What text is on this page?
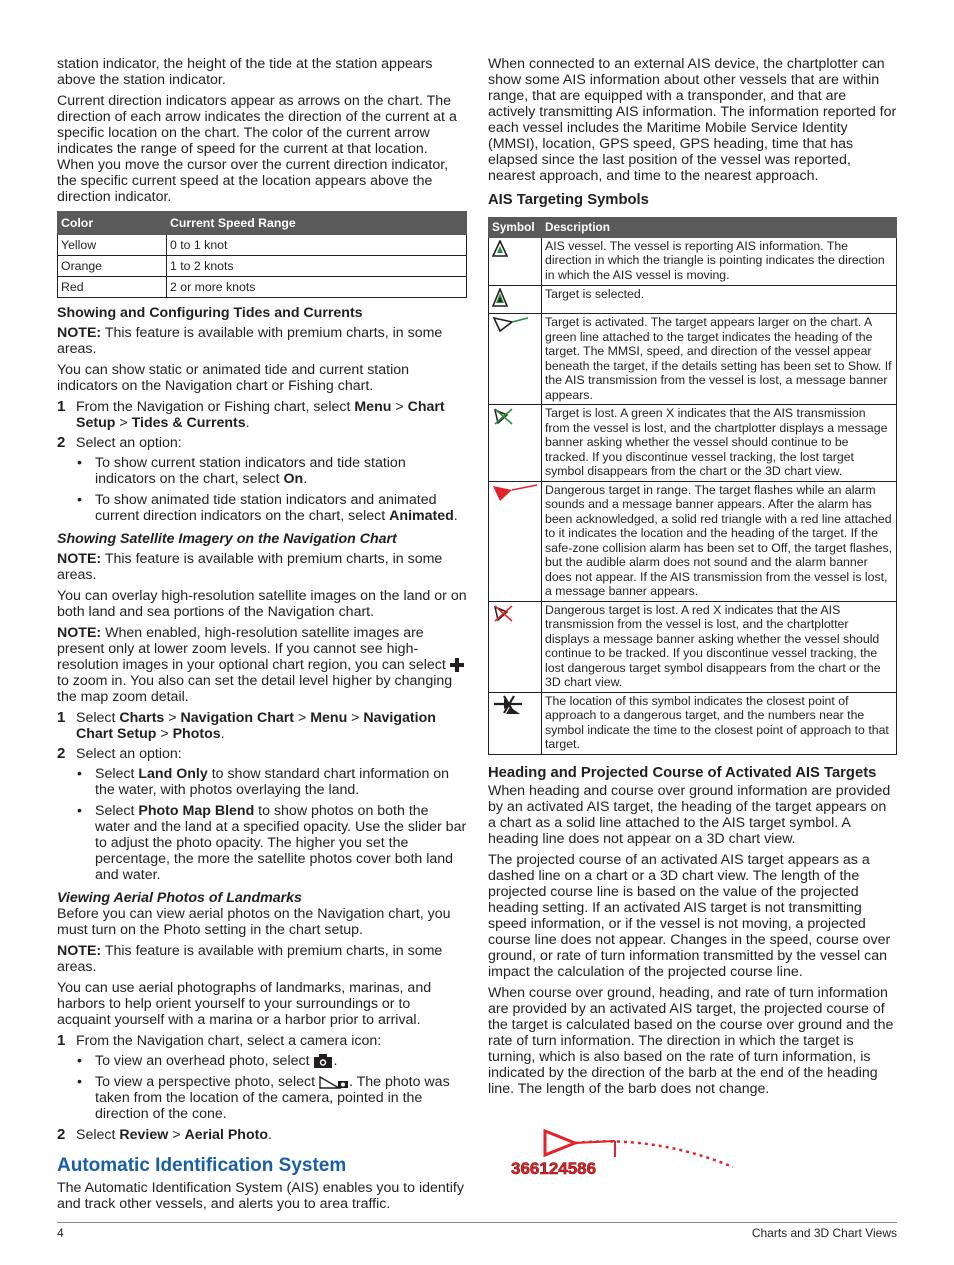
station indicator, the height of the tide at the station appears above the station indicator.

Current direction indicators appear as arrows on the chart. The direction of each arrow indicates the direction of the current at a specific location on the chart. The color of the current arrow indicates the range of speed for the current at that location. When you move the cursor over the current direction indicator, the specific current speed at the location appears above the direction indicator.

Color	Current Speed Range
Yellow	0 to 1 knot
Orange	1 to 2 knots
Red	2 or more knots
Showing and Configuring Tides and Currents

NOTE: This feature is available with premium charts, in some areas.

You can show static or animated tide and current station indicators on the Navigation chart or Fishing chart.

1 From the Navigation or Fishing chart, select Menu > Chart Setup > Tides & Currents.
2 Select an option:
• To show current station indicators and tide station indicators on the chart, select On.
• To show animated tide station indicators and animated current direction indicators on the chart, select Animated.
Showing Satellite Imagery on the Navigation Chart

NOTE: This feature is available with premium charts, in some areas.

You can overlay high-resolution satellite images on the land or on both land and sea portions of the Navigation chart.

NOTE: When enabled, high-resolution satellite images are present only at lower zoom levels. If you cannot see high-resolution images in your optional chart region, you can select  to zoom in. You also can set the detail level higher by changing the map zoom detail.

1 Select Charts > Navigation Chart > Menu > Navigation Chart Setup > Photos.
2 Select an option:
• Select Land Only to show standard chart information on the water, with photos overlaying the land.
• Select Photo Map Blend to show photos on both the water and the land at a specified opacity. Use the slider bar to adjust the photo opacity. The higher you set the percentage, the more the satellite photos cover both land and water.
Viewing Aerial Photos of Landmarks

Before you can view aerial photos on the Navigation chart, you must turn on the Photo setting in the chart setup.

NOTE: This feature is available with premium charts, in some areas.

You can use aerial photographs of landmarks, marinas, and harbors to help orient yourself to your surroundings or to acquaint yourself with a marina or a harbor prior to arrival.

1 From the Navigation chart, select a camera icon:
• To view an overhead photo, select .
• To view a perspective photo, select . The photo was taken from the location of the camera, pointed in the direction of the cone.
2 Select Review > Aerial Photo.
Automatic Identification System

The Automatic Identification System (AIS) enables you to identify and track other vessels, and alerts you to area traffic.

When connected to an external AIS device, the chartplotter can show some AIS information about other vessels that are within range, that are equipped with a transponder, and that are actively transmitting AIS information. The information reported for each vessel includes the Maritime Mobile Service Identity (MMSI), location, GPS speed, GPS heading, time that has elapsed since the last position of the vessel was reported, nearest approach, and time to the nearest approach.

AIS Targeting Symbols
Symbol	Description
	AIS vessel. The vessel is reporting AIS information. The direction in which the triangle is pointing indicates the direction in which the AIS vessel is moving.
	Target is selected.
	Target is activated. The target appears larger on the chart. A green line attached to the target indicates the heading of the target. The MMSI, speed, and direction of the vessel appear beneath the target, if the details setting has been set to Show. If the AIS transmission from the vessel is lost, a message banner appears.
	Target is lost. A green X indicates that the AIS transmission from the vessel is lost, and the chartplotter displays a message banner asking whether the vessel should continue to be tracked. If you discontinue vessel tracking, the lost target symbol disappears from the chart or the 3D chart view.
	Dangerous target in range. The target flashes while an alarm sounds and a message banner appears. After the alarm has been acknowledged, a solid red triangle with a red line attached to it indicates the location and the heading of the target. If the safe-zone collision alarm has been set to Off, the target flashes, but the audible alarm does not sound and the alarm banner does not appear. If the AIS transmission from the vessel is lost, a message banner appears.
	Dangerous target is lost. A red X indicates that the AIS transmission from the vessel is lost, and the chartplotter displays a message banner asking whether the vessel should continue to be tracked. If you discontinue vessel tracking, the lost dangerous target symbol disappears from the chart or the 3D chart view.
	The location of this symbol indicates the closest point of approach to a dangerous target, and the numbers near the symbol indicate the time to the closest point of approach to that target.
Heading and Projected Course of Activated AIS Targets

When heading and course over ground information are provided by an activated AIS target, the heading of the target appears on a chart as a solid line attached to the AIS target symbol. A heading line does not appear on a 3D chart view.

The projected course of an activated AIS target appears as a dashed line on a chart or a 3D chart view. The length of the projected course line is based on the value of the projected heading setting. If an activated AIS target is not transmitting speed information, or if the vessel is not moving, a projected course line does not appear. Changes in the speed, course over ground, or rate of turn information transmitted by the vessel can impact the calculation of the projected course line.

When course over ground, heading, and rate of turn information are provided by an activated AIS target, the projected course of the target is calculated based on the course over ground and the rate of turn information. The direction in which the target is turning, which is also based on the rate of turn information, is indicated by the direction of the barb at the end of the heading line. The length of the barb does not change.

366124586
4	Charts and 3D Chart Views
